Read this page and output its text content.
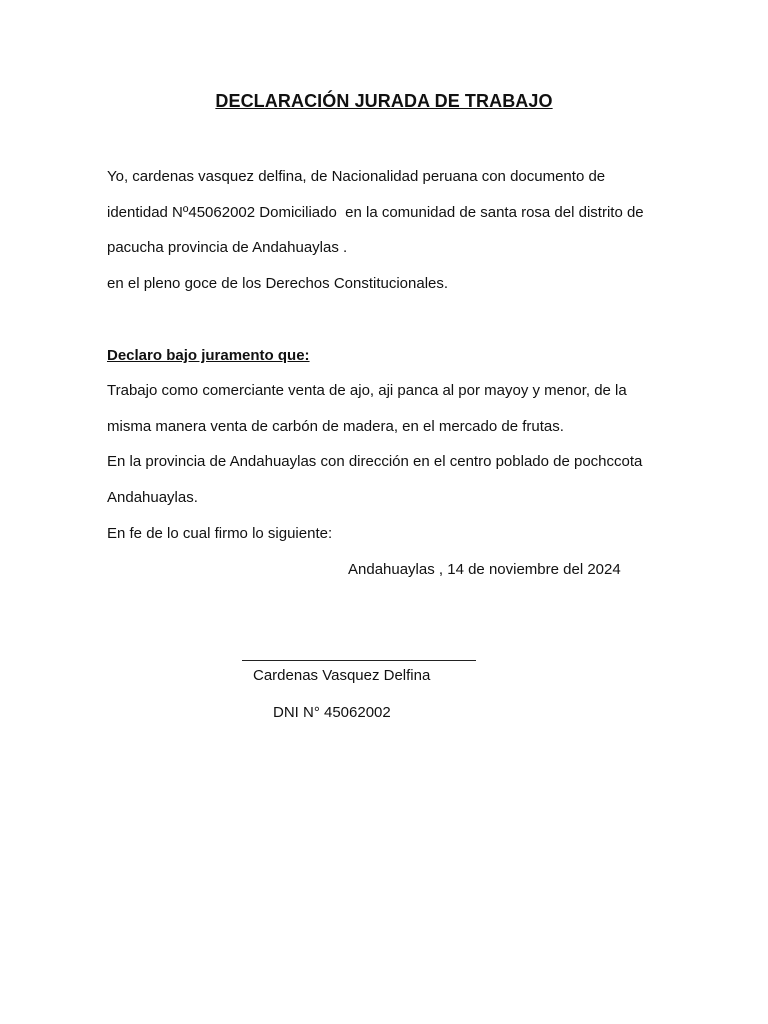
DECLARACIÓN JURADA DE TRABAJO
Yo, cardenas vasquez delfina, de Nacionalidad peruana con documento de
identidad Nº45062002 Domiciliado  en la comunidad de santa rosa del distrito de
pacucha provincia de Andahuaylas .
en el pleno goce de los Derechos Constitucionales.
Declaro bajo juramento que:
Trabajo como comerciante venta de ajo, aji panca al por mayoy y menor, de la
misma manera venta de carbón de madera, en el mercado de frutas.
En la provincia de Andahuaylas con dirección en el centro poblado de pochccota
Andahuaylas.
En fe de lo cual firmo lo siguiente:
Andahuaylas , 14 de noviembre del 2024
Cardenas Vasquez Delfina
DNI N° 45062002
